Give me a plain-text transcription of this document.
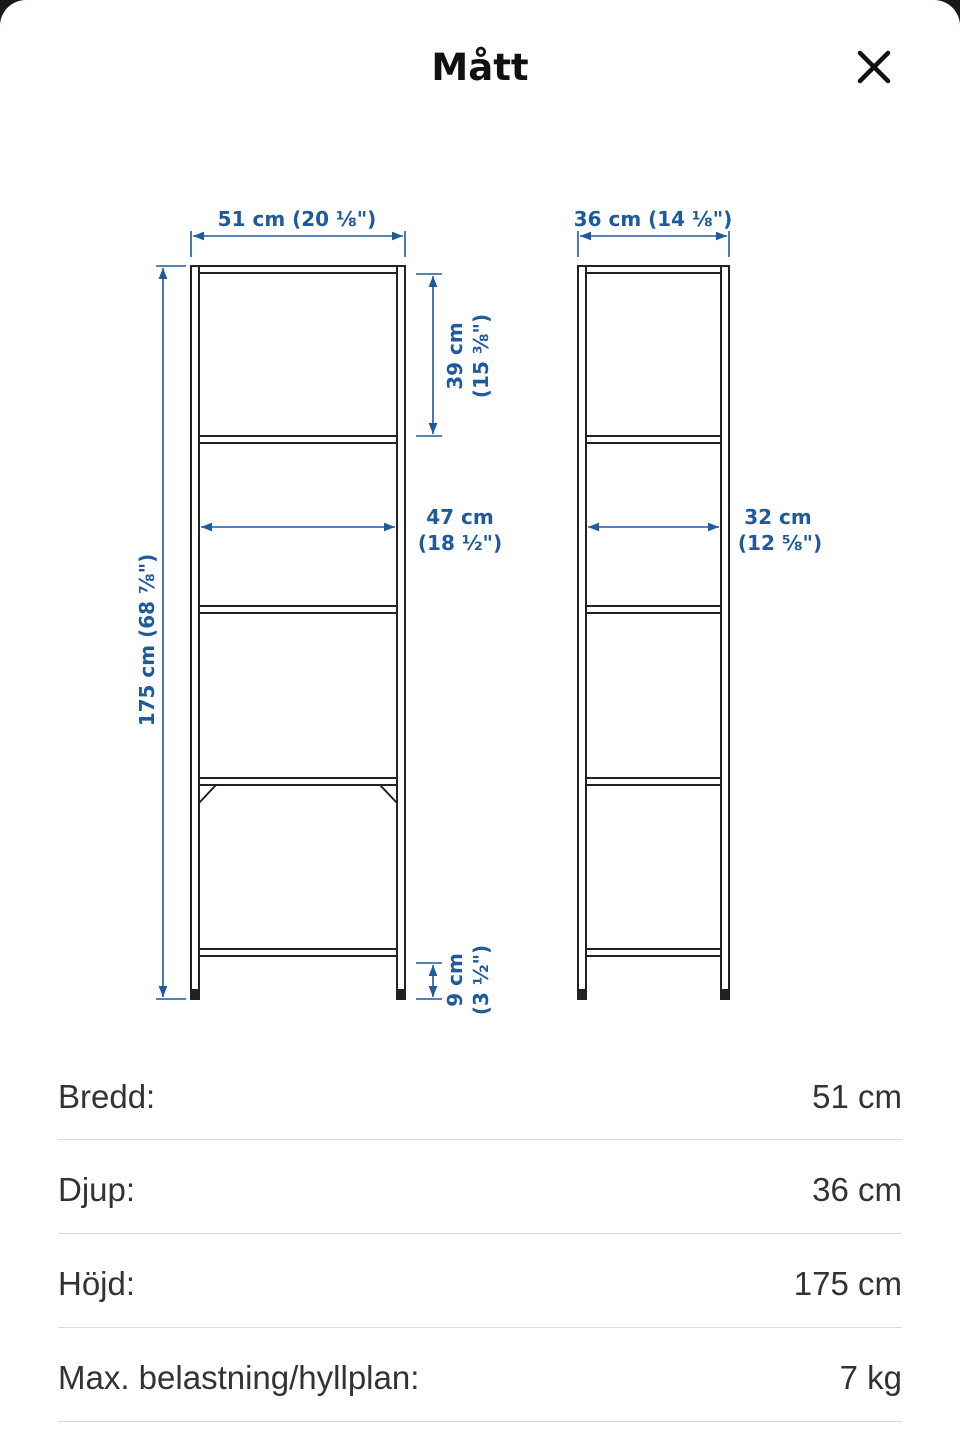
Mått
51 cm (20 ⅛")
175 cm (68 ⅞")
39 cm (15 ⅜")
47 cm
(18 ½")
9 cm (3 ½")
36 cm (14 ⅛")
32 cm
(12 ⅝")
Bredd:	51 cm
Djup:	36 cm
Höjd:	175 cm
Max. belastning/hyllplan:	7 kg
